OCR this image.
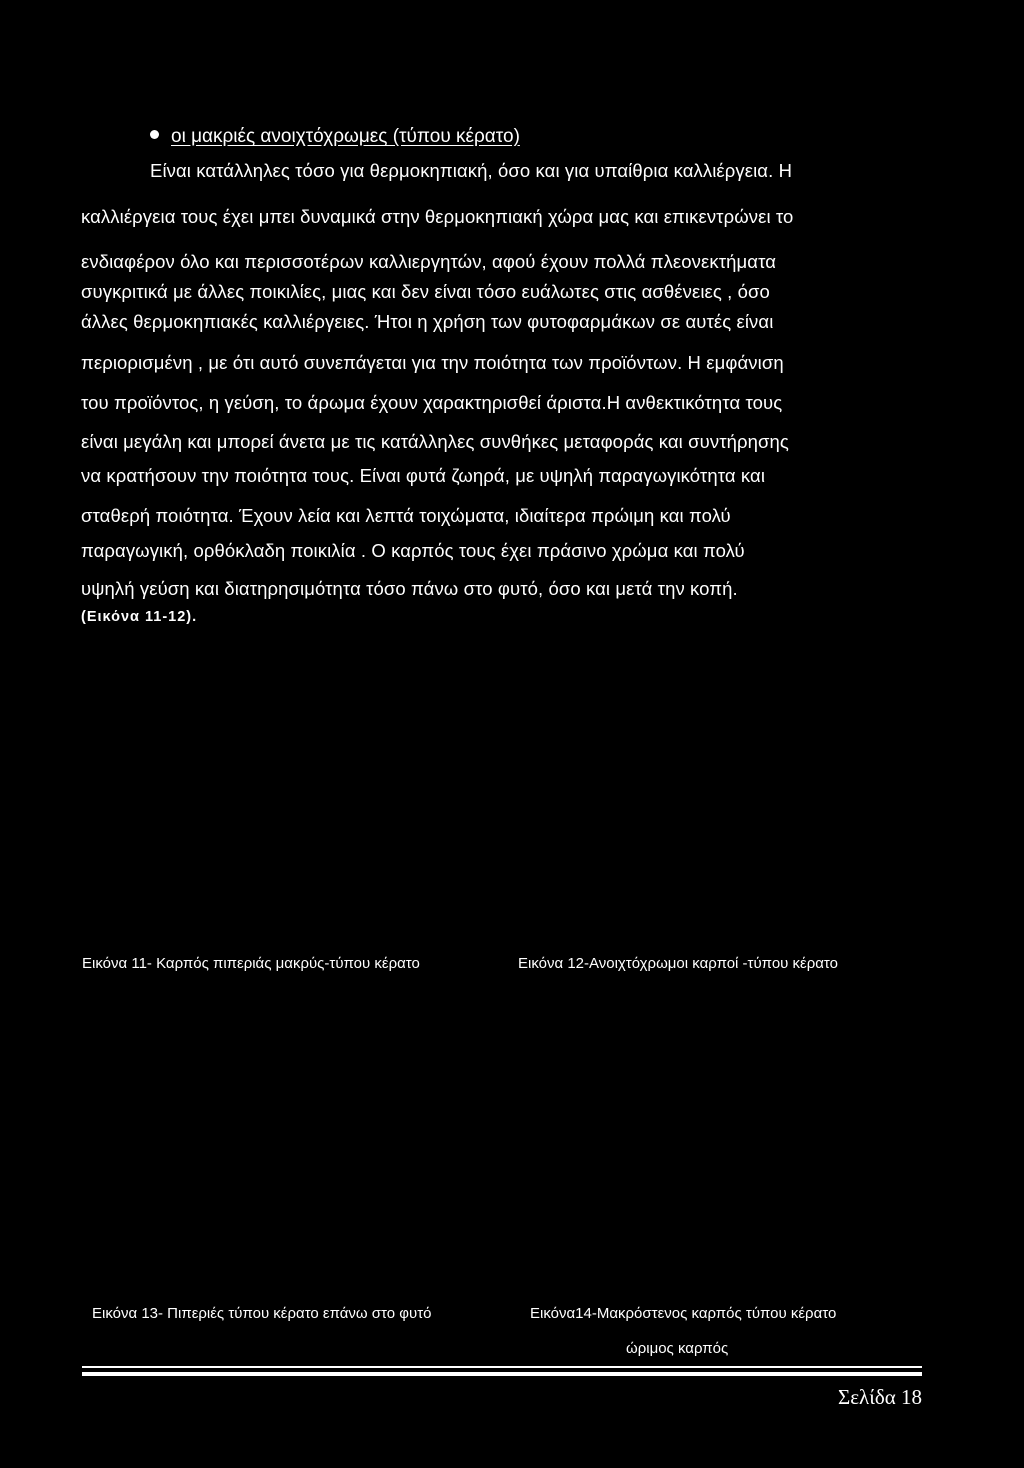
οι μακριές ανοιχτόχρωμες (τύπου κέρατο)

Είναι κατάλληλες τόσο για θερμοκηπιακή, όσο και για υπαίθρια καλλιέργεια. Η

καλλιέργεια τους έχει μπει δυναμικά στην θερμοκηπιακή χώρα μας και επικεντρώνει το

ενδιαφέρον όλο και περισσοτέρων καλλιεργητών, αφού έχουν πολλά πλεονεκτήματα

συγκριτικά με άλλες ποικιλίες, μιας και δεν είναι τόσο ευάλωτες στις ασθένειες , όσο

άλλες θερμοκηπιακές καλλιέργειες. Ήτοι η χρήση των φυτοφαρμάκων σε αυτές είναι

περιορισμένη , με ότι αυτό συνεπάγεται για την ποιότητα των προϊόντων. Η εμφάνιση

του προϊόντος, η γεύση, το άρωμα έχουν χαρακτηρισθεί άριστα.Η ανθεκτικότητα τους

είναι μεγάλη και μπορεί άνετα με τις κατάλληλες συνθήκες μεταφοράς και συντήρησης

να κρατήσουν την ποιότητα τους. Είναι φυτά ζωηρά, με υψηλή παραγωγικότητα και

σταθερή ποιότητα. Έχουν λεία και λεπτά τοιχώματα, ιδιαίτερα πρώιμη και πολύ

παραγωγική, ορθόκλαδη ποικιλία . Ο καρπός τους έχει πράσινο χρώμα και πολύ

υψηλή γεύση και διατηρησιμότητα τόσο πάνω στο φυτό, όσο και μετά την κοπή.

(Εικόνα 11-12).

Εικόνα 11- Καρπός πιπεριάς μακρύς-τύπου κέρατο	Εικόνα 12-Ανοιχτόχρωμοι καρποί -τύπου κέρατο

Εικόνα 13- Πιπεριές τύπου κέρατο επάνω στο φυτό	Εικόνα14-Μακρόστενος καρπός τύπου κέρατο

ώριμος καρπός

Σελίδα 18
